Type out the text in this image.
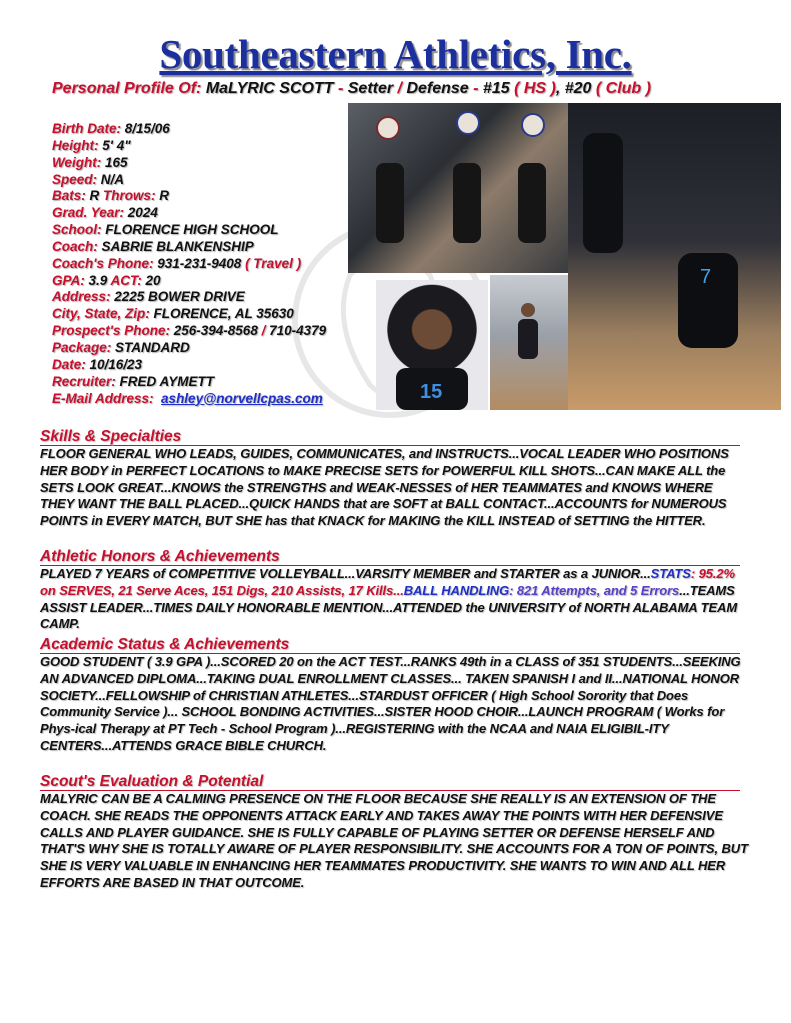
Southeastern Athletics, Inc.
Personal Profile Of: MaLYRIC SCOTT - Setter / Defense - #15 ( HS ), #20 ( Club )
Birth Date: 8/15/06
Height: 5' 4"
Weight: 165
Speed: N/A
Bats: R Throws: R
Grad. Year: 2024
School: FLORENCE HIGH SCHOOL
Coach: SABRIE BLANKENSHIP
Coach's Phone: 931-231-9408 ( Travel )
GPA: 3.9 ACT: 20
Address: 2225 BOWER DRIVE
City, State, Zip: FLORENCE, AL 35630
Prospect's Phone: 256-394-8568 / 710-4379
Package: STANDARD
Date: 10/16/23
Recruiter: FRED AYMETT
E-Mail Address: ashley@norvellcpas.com
7
15
Skills & Specialties
FLOOR GENERAL WHO LEADS, GUIDES, COMMUNICATES, and INSTRUCTS...VOCAL LEADER WHO POSITIONS HER BODY in PERFECT LOCATIONS to MAKE PRECISE SETS for POWERFUL KILL SHOTS...CAN MAKE ALL the SETS LOOK GREAT...KNOWS the STRENGTHS and WEAK-NESSES of HER TEAMMATES and KNOWS WHERE THEY WANT THE BALL PLACED...QUICK HANDS that are SOFT at BALL CONTACT...ACCOUNTS for NUMEROUS POINTS in EVERY MATCH, BUT SHE has that KNACK for MAKING the KILL INSTEAD of SETTING the HITTER.
Athletic Honors & Achievements
PLAYED 7 YEARS of COMPETITIVE VOLLEYBALL...VARSITY MEMBER and STARTER as a JUNIOR...STATS: 95.2% on SERVES, 21 Serve Aces, 151 Digs, 210 Assists, 17 Kills...BALL HANDLING: 821 Attempts, and 5 Errors...TEAMS ASSIST LEADER...TIMES DAILY HONORABLE MENTION...ATTENDED the UNIVERSITY of NORTH ALABAMA TEAM CAMP.
Academic Status & Achievements
GOOD STUDENT ( 3.9 GPA )...SCORED 20 on the ACT TEST...RANKS 49th in a CLASS of 351 STUDENTS...SEEKING AN ADVANCED DIPLOMA...TAKING DUAL ENROLLMENT CLASSES... TAKEN SPANISH I and II...NATIONAL HONOR SOCIETY...FELLOWSHIP of CHRISTIAN ATHLETES...STARDUST OFFICER ( High School Sorority that Does Community Service )... SCHOOL BONDING ACTIVITIES...SISTER HOOD CHOIR...LAUNCH PROGRAM ( Works for Phys-ical Therapy at PT Tech - School Program )...REGISTERING with the NCAA and NAIA ELIGIBIL-ITY CENTERS...ATTENDS GRACE BIBLE CHURCH.
Scout's Evaluation & Potential
MALYRIC CAN BE A CALMING PRESENCE ON THE FLOOR BECAUSE SHE REALLY IS AN EXTENSION OF THE COACH. SHE READS THE OPPONENTS ATTACK EARLY AND TAKES AWAY THE POINTS WITH HER DEFENSIVE CALLS AND PLAYER GUIDANCE. SHE IS FULLY CAPABLE OF PLAYING SETTER OR DEFENSE HERSELF AND THAT'S WHY SHE IS TOTALLY AWARE OF PLAYER RESPONSIBILITY. SHE ACCOUNTS FOR A TON OF POINTS, BUT SHE IS VERY VALUABLE IN ENHANCING HER TEAMMATES PRODUCTIVITY. SHE WANTS TO WIN AND ALL HER EFFORTS ARE BASED IN THAT OUTCOME.
